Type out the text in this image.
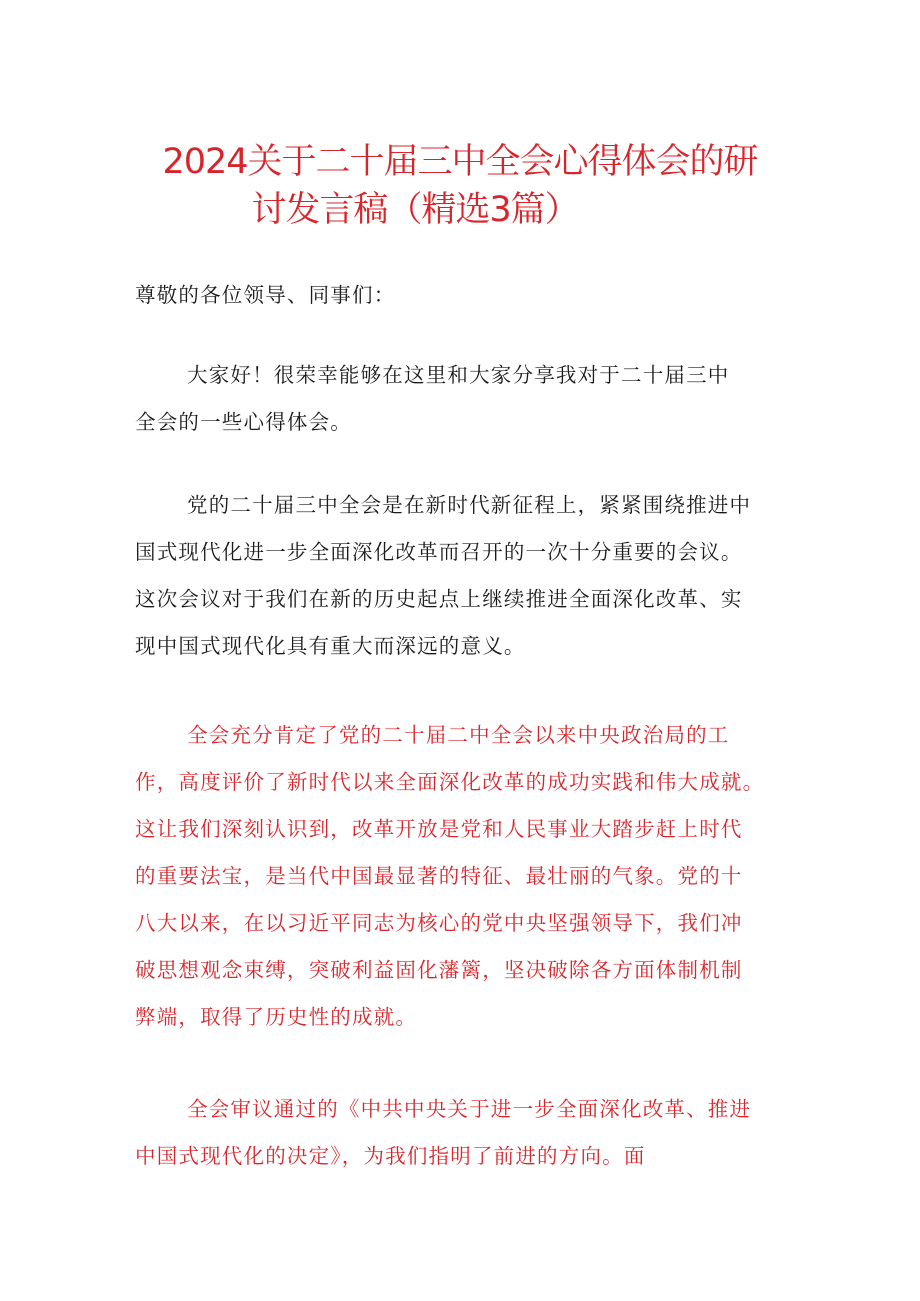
2024关于二十届三中全会心得体会的研
讨发言稿（精选3篇）

尊敬的各位领导、同事们：

大家好！很荣幸能够在这里和大家分享我对于二十届三中
全会的一些心得体会。

党的二十届三中全会是在新时代新征程上，紧紧围绕推进中
国式现代化进一步全面深化改革而召开的一次十分重要的会议。
这次会议对于我们在新的历史起点上继续推进全面深化改革、实
现中国式现代化具有重大而深远的意义。

全会充分肯定了党的二十届二中全会以来中央政治局的工
作，高度评价了新时代以来全面深化改革的成功实践和伟大成就。
这让我们深刻认识到，改革开放是党和人民事业大踏步赶上时代
的重要法宝，是当代中国最显著的特征、最壮丽的气象。党的十
八大以来，在以习近平同志为核心的党中央坚强领导下，我们冲
破思想观念束缚，突破利益固化藩篱，坚决破除各方面体制机制
弊端，取得了历史性的成就。

全会审议通过的《中共中央关于进一步全面深化改革、推进
中国式现代化的决定》，为我们指明了前进的方向。面
